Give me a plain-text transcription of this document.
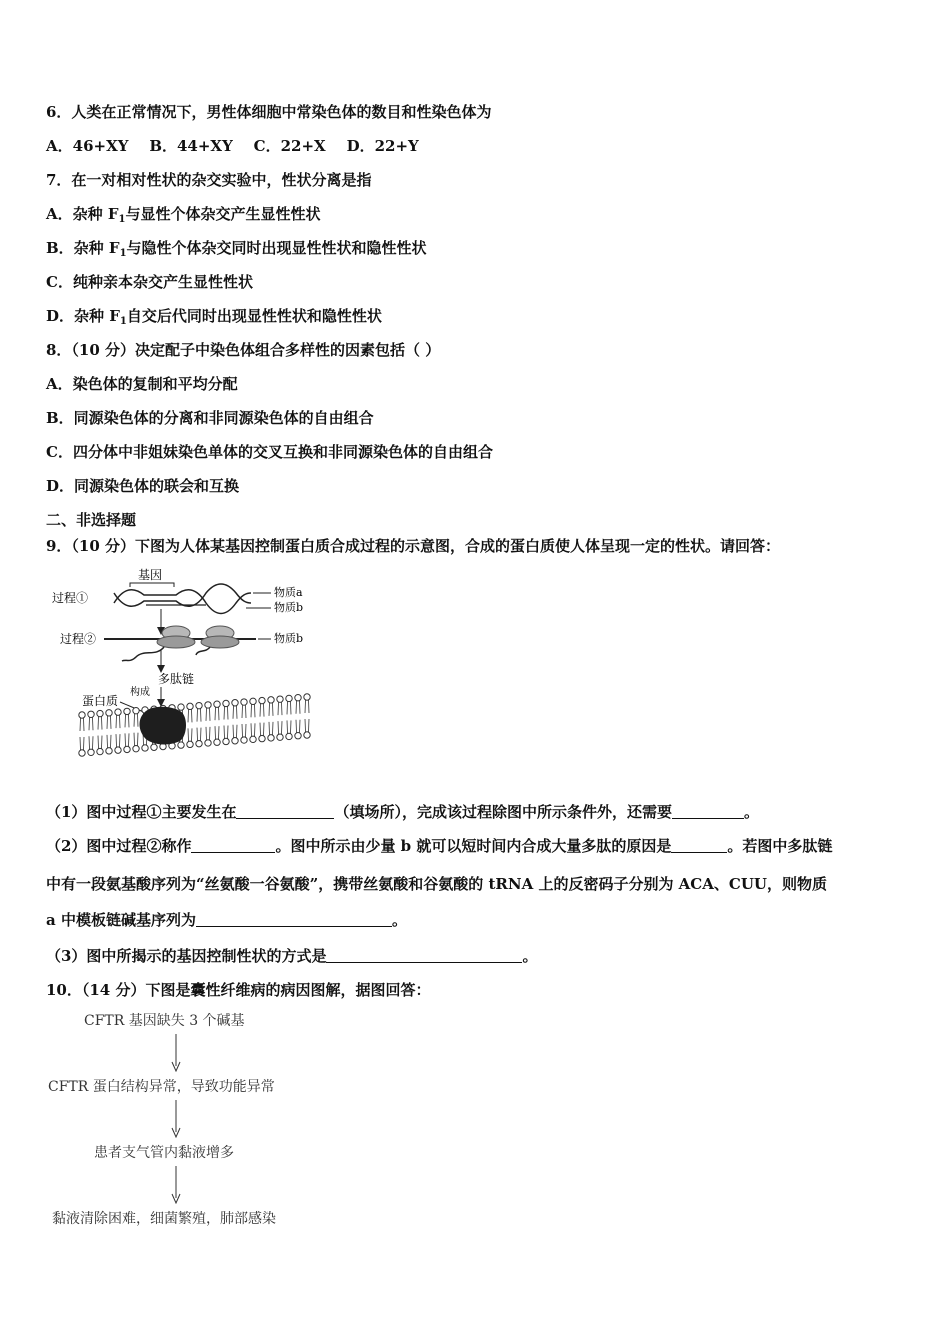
6．人类在正常情况下，男性体细胞中常染色体的数目和性染色体为
A．46+XY    B．44+XY    C．22+X    D．22+Y
7．在一对相对性状的杂交实验中，性状分离是指
A．杂种 $F_1$与显性个体杂交产生显性性状
B．杂种 $F_1$与隐性个体杂交同时出现显性性状和隐性性状
C．纯种亲本杂交产生显性性状
D．杂种 $F_1$自交后代同时出现显性性状和隐性性状
8．（10 分）决定配子中染色体组合多样性的因素包括（ ）
A．染色体的复制和平均分配
B．同源染色体的分离和非同源染色体的自由组合
C．四分体中非姐妹染色单体的交叉互换和非同源染色体的自由组合
D．同源染色体的联会和互换
二、非选择题
9．（10 分）下图为人体某基因控制蛋白质合成过程的示意图，合成的蛋白质使人体呈现一定的性状。请回答：
基因
过程①	物质a
物质b
过程②	物质b
多肽链
构成
蛋白质
（1）图中过程①主要发生在	（填场所），完成该过程除图中所示条件外，还需要	。
（2）图中过程②称作	。图中所示由少量 b 就可以短时间内合成大量多肽的原因是	。若图中多肽链
中有一段氨基酸序列为“丝氨酸一谷氨酸”，携带丝氨酸和谷氨酸的 tRNA 上的反密码子分别为 ACA、CUU，则物质
a 中模板链碱基序列为	。
（3）图中所揭示的基因控制性状的方式是	。
10．（14 分）下图是囊性纤维病的病因图解，据图回答：
CFTR 基因缺失 3 个碱基
CFTR 蛋白结构异常，导致功能异常
患者支气管内黏液增多
黏液清除困难，细菌繁殖，肺部感染
